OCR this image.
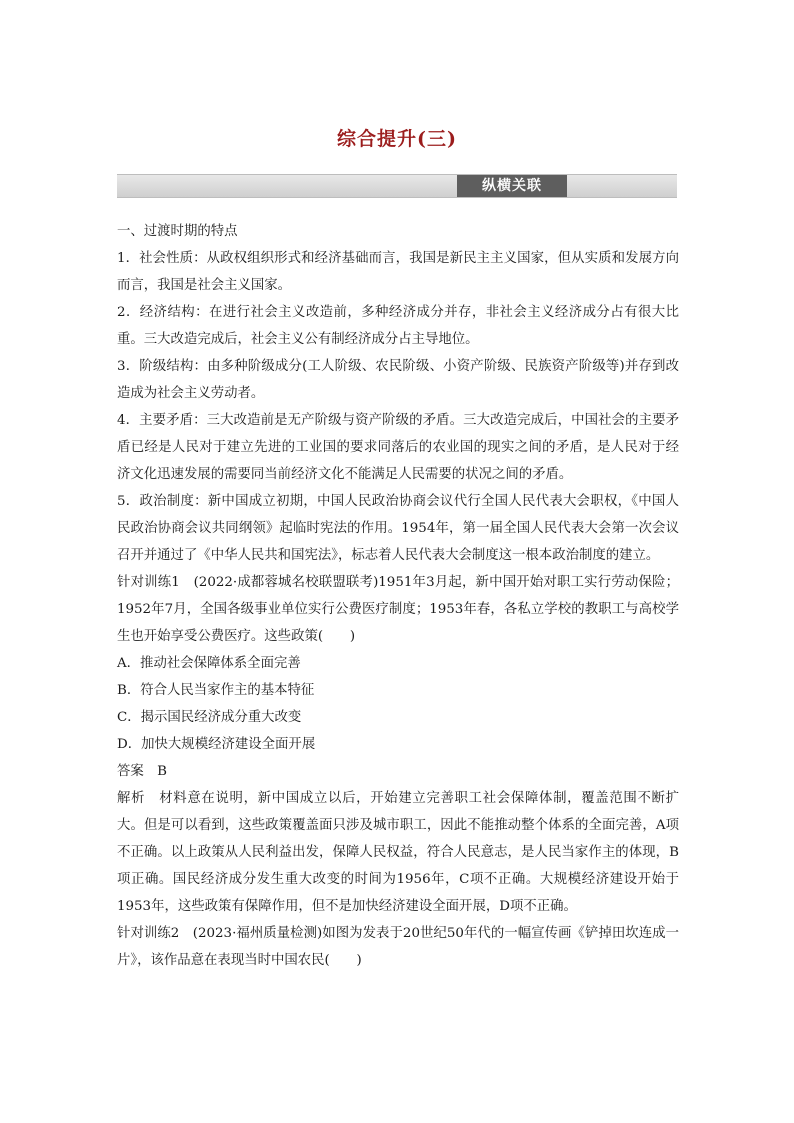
综合提升(三)
纵横关联

一、过渡时期的特点

1．社会性质：从政权组织形式和经济基础而言，我国是新民主主义国家，但从实质和发展方向而言，我国是社会主义国家。

2．经济结构：在进行社会主义改造前，多种经济成分并存，非社会主义经济成分占有很大比重。三大改造完成后，社会主义公有制经济成分占主导地位。

3．阶级结构：由多种阶级成分(工人阶级、农民阶级、小资产阶级、民族资产阶级等)并存到改造成为社会主义劳动者。

4．主要矛盾：三大改造前是无产阶级与资产阶级的矛盾。三大改造完成后，中国社会的主要矛盾已经是人民对于建立先进的工业国的要求同落后的农业国的现实之间的矛盾，是人民对于经济文化迅速发展的需要同当前经济文化不能满足人民需要的状况之间的矛盾。

5．政治制度：新中国成立初期，中国人民政治协商会议代行全国人民代表大会职权，《中国人民政治协商会议共同纲领》起临时宪法的作用。1954年，第一届全国人民代表大会第一次会议召开并通过了《中华人民共和国宪法》，标志着人民代表大会制度这一根本政治制度的建立。

针对训练1　(2022·成都蓉城名校联盟联考)1951年3月起，新中国开始对职工实行劳动保险；1952年7月，全国各级事业单位实行公费医疗制度；1953年春，各私立学校的教职工与高校学生也开始享受公费医疗。这些政策(　　)

A．推动社会保障体系全面完善

B．符合人民当家作主的基本特征

C．揭示国民经济成分重大改变

D．加快大规模经济建设全面开展

答案　B

解析　材料意在说明，新中国成立以后，开始建立完善职工社会保障体制，覆盖范围不断扩大。但是可以看到，这些政策覆盖面只涉及城市职工，因此不能推动整个体系的全面完善，A项不正确。以上政策从人民利益出发，保障人民权益，符合人民意志，是人民当家作主的体现，B项正确。国民经济成分发生重大改变的时间为1956年，C项不正确。大规模经济建设开始于1953年，这些政策有保障作用，但不是加快经济建设全面开展，D项不正确。

针对训练2　(2023·福州质量检测)如图为发表于20世纪50年代的一幅宣传画《铲掉田坎连成一片》，该作品意在表现当时中国农民(　　)
